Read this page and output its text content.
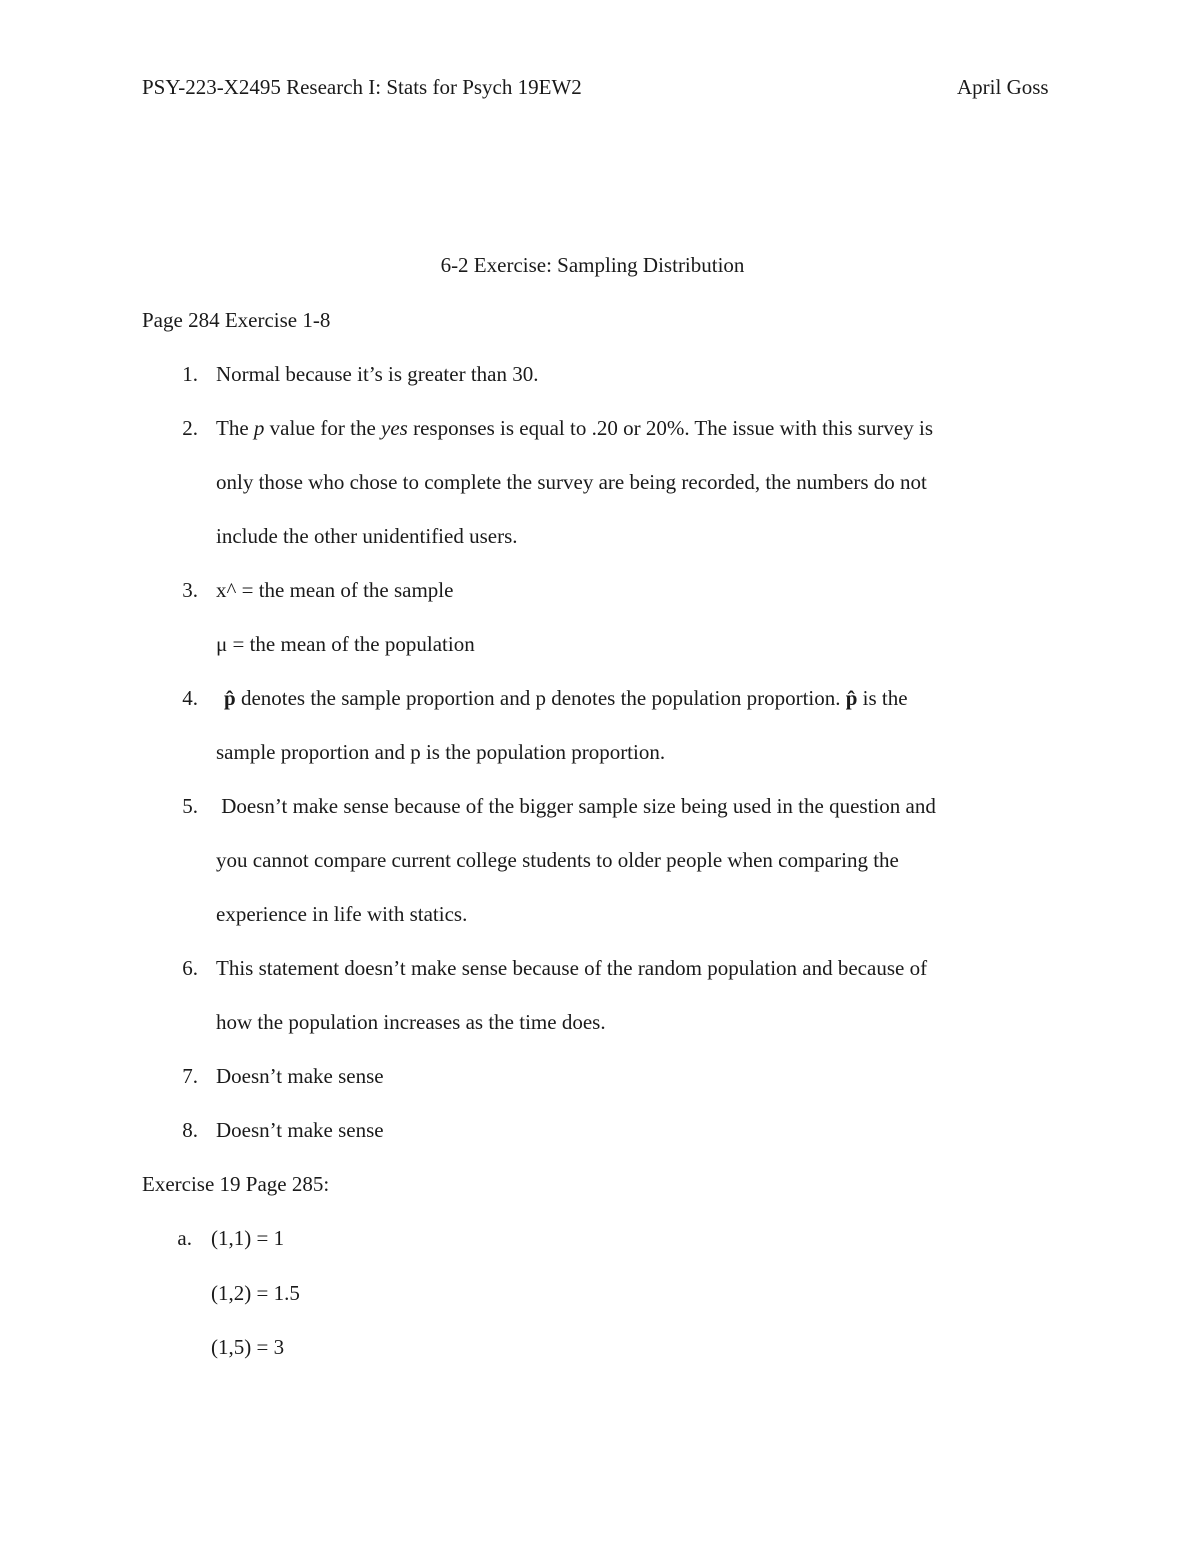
PSY-223-X2495 Research I: Stats for Psych 19EW2	April Goss
6-2 Exercise: Sampling Distribution
Page 284 Exercise 1-8
1. Normal because it’s is greater than 30.
2. The p value for the yes responses is equal to .20 or 20%. The issue with this survey is
only those who chose to complete the survey are being recorded, the numbers do not
include the other unidentified users.
3. x^ = the mean of the sample
μ = the mean of the population
4. p̂ denotes the sample proportion and p denotes the population proportion. p̂ is the
sample proportion and p is the population proportion.
5. Doesn’t make sense because of the bigger sample size being used in the question and
you cannot compare current college students to older people when comparing the
experience in life with statics.
6. This statement doesn’t make sense because of the random population and because of
how the population increases as the time does.
7. Doesn’t make sense
8. Doesn’t make sense
Exercise 19 Page 285:
a. (1,1) = 1
(1,2) = 1.5
(1,5) = 3
